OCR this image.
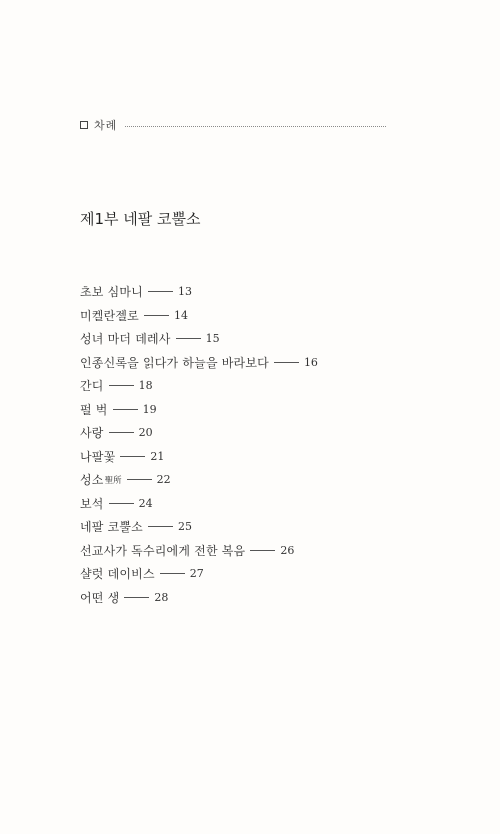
차례
제1부 네팔 코뿔소
초보 심마니	13
미켈란젤로	14
성녀 마더 데레사	15
인종신록을 읽다가 하늘을 바라보다	16
간디	18
펄 벅	19
사랑	20
나팔꽃	21
성소 聖所	22
보석	24
네팔 코뿔소	25
선교사가 독수리에게 전한 복음	26
샬럿 데이비스	27
어떤 생	28
